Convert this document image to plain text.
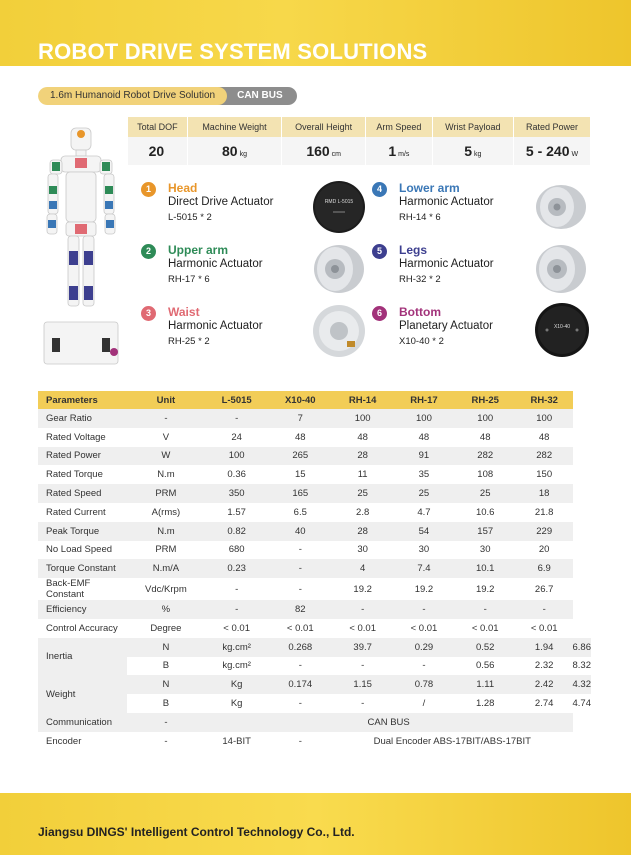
ROBOT DRIVE SYSTEM SOLUTIONS
1.6m Humanoid Robot Drive Solution	CAN BUS
Total DOF	Machine Weight	Overall Height	Arm Speed	Wrist Payload	Rated Power
20	80 kg	160 cm	1 m/s	5 kg	5 - 240 W
1	Head
Direct Drive Actuator
L-5015 * 2
2	Upper arm
Harmonic Actuator
RH-17 * 6
3	Waist
Harmonic Actuator
RH-25 * 2
4	Lower arm
Harmonic Actuator
RH-14 * 6
5	Legs
Harmonic Actuator
RH-32 * 2
6	Bottom
Planetary Actuator
X10-40 * 2
RMD L-5015
X10-40
Parameters	Unit	L-5015	X10-40	RH-14	RH-17	RH-25	RH-32	
Gear Ratio	-	-	7	100	100	100	100	
Rated Voltage	V	24	48	48	48	48	48	
Rated Power	W	100	265	28	91	282	282	
Rated Torque	N.m	0.36	15	11	35	108	150	
Rated Speed	PRM	350	165	25	25	25	18	
Rated Current	A(rms)	1.57	6.5	2.8	4.7	10.6	21.8	
Peak Torque	N.m	0.82	40	28	54	157	229	
No Load Speed	PRM	680	-	30	30	30	20	
Torque Constant	N.m/A	0.23	-	4	7.4	10.1	6.9	
Back-EMF Constant	Vdc/Krpm	-	-	19.2	19.2	19.2	26.7	
Efficiency	%	-	82	-	-	-	-	
Control Accuracy	Degree	< 0.01	< 0.01	< 0.01	< 0.01	< 0.01	< 0.01	
Inertia	N	kg.cm²	0.268	39.7	0.29	0.52	1.94	6.86
	B	kg.cm²	-	-	-	0.56	2.32	8.32
Weight	N	Kg	0.174	1.15	0.78	1.11	2.42	4.32
	B	Kg	-	-	/	1.28	2.74	4.74
Communication	-	CAN BUS						
Encoder	-	14-BIT	-	Dual Encoder ABS-17BIT/ABS-17BIT				
Jiangsu DINGS' Intelligent Control Technology Co., Ltd.
